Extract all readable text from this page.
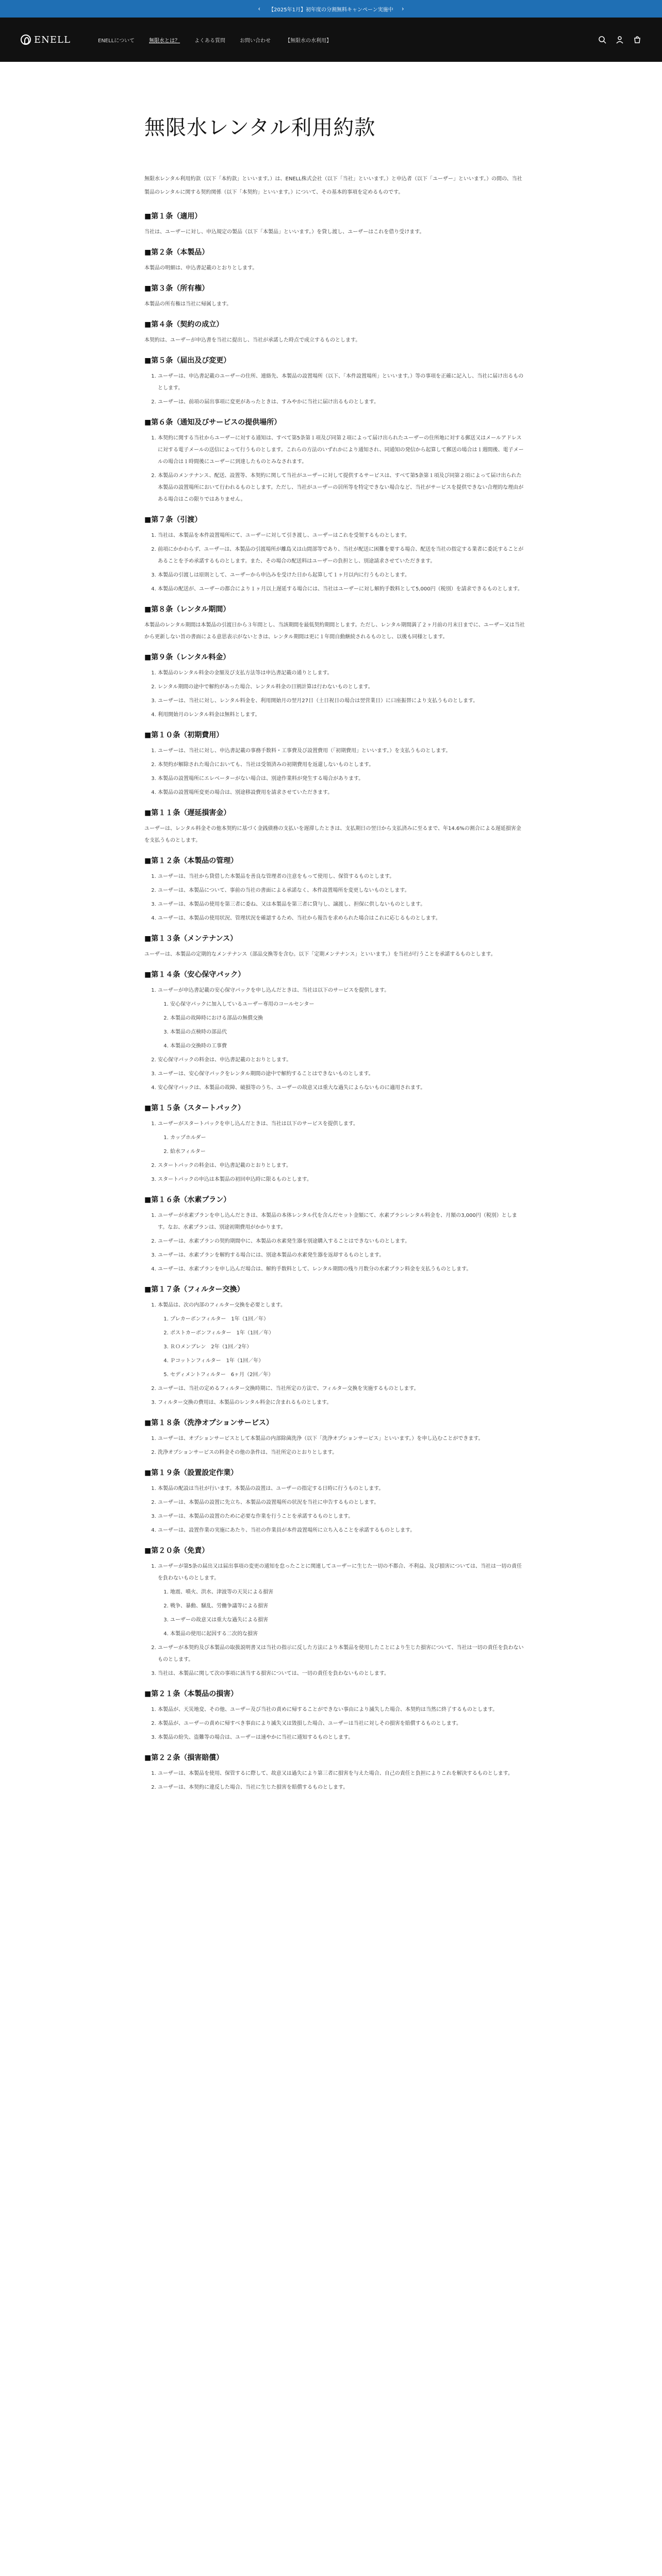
‹	【2025年1月】初年度の分割無料キャンペーン実施中	›
ENELL	ENELLについて	無限水とは？	よくある質問	お問い合わせ	【無限水の水利用】
無限水レンタル利用約款

無限水レンタル利用約款（以下「本約款」といいます。）は、ENELL株式会社（以下「当社」といいます。）と申込者（以下「ユーザー」といいます。）の間の、当社製品のレンタルに関する契約関係（以下「本契約」といいます。）について、その基本的事項を定めるものです。

■第１条（適用）

当社は、ユーザーに対し、申込規定の製品（以下「本製品」といいます。）を貸し渡し、ユーザーはこれを借り受けます。

■第２条（本製品）

本製品の明細は、申込書記載のとおりとします。

■第３条（所有権）

本製品の所有権は当社に帰属します。

■第４条（契約の成立）

本契約は、ユーザーが申込書を当社に提出し、当社が承諾した時点で成立するものとします。

■第５条（届出及び変更）
1. ユーザーは、申込書記載のユーザーの住所、連絡先、本製品の設置場所（以下、「本件設置場所」といいます。）等の事項を正確に記入し、当社に届け出るものとします。
2. ユーザーは、前項の届出事項に変更があったときは、すみやかに当社に届け出るものとします。
■第６条（通知及びサービスの提供場所）
1. 本契約に関する当社からユーザーに対する通知は、すべて第5条第１項及び同第２項によって届け出られたユーザーの住所地に対する郵送又はメールアドレスに対する電子メールの送信によって行うものとします。これらの方法のいずれかにより通知され、同通知の発信から起算して郵送の場合は１週間後、電子メールの場合は１時間後にユーザーに到達したものとみなされます。
2. 本製品のメンテナンス、配送、設置等、本契約に関して当社がユーザーに対して提供するサービスは、すべて第5条第１項及び同第２項によって届け出られた本製品の設置場所において行われるものとします。ただし、当社がユーザーの居所等を特定できない場合など、当社がサービスを提供できない合理的な理由がある場合はこの限りではありません。
■第７条（引渡）
1. 当社は、本製品を本件設置場所にて、ユーザーに対して引き渡し、ユーザーはこれを受領するものとします。
2. 前項にかかわらず、ユーザーは、本製品の引渡場所が離島又は山間部等であり、当社が配送に困難を要する場合、配送を当社の指定する業者に委託することがあることを予め承諾するものとします。また、その場合の配送料はユーザーの負担とし、別途請求させていただきます。
3. 本製品の引渡しは原則として、ユーザーから申込みを受けた日から起算して１ヶ月以内に行うものとします。
4. 本製品の配送が、ユーザーの都合により１ヶ月以上遅延する場合には、当社はユーザーに対し解約手数料として5,000円（税別）を請求できるものとします。
■第８条（レンタル期間）

本製品のレンタル期間は本製品の引渡日から３年間とし、当該期間を最低契約期間とします。ただし、レンタル期間満了２ヶ月前の月末日までに、ユーザー又は当社から更新しない旨の書面による意思表示がないときは、レンタル期間は更に１年間自動継続されるものとし、以後も同様とします。

■第９条（レンタル料金）
1. 本製品のレンタル料金の金額及び支払方法等は申込書記載の通りとします。
2. レンタル期間の途中で解約があった場合、レンタル料金の日割計算は行わないものとします。
3. ユーザーは、当社に対し、レンタル料金を、利用開始月の翌月27日（土日祝日の場合は翌営業日）に口座振替により支払うものとします。
4. 利用開始月のレンタル料金は無料とします。
■第１０条（初期費用）
1. ユーザーは、当社に対し、申込書記載の事務手数料・工事費及び設置費用（「初期費用」といいます。）を支払うものとします。
2. 本契約が解除された場合においても、当社は受領済みの初期費用を返還しないものとします。
3. 本製品の設置場所にエレベーターがない場合は、別途作業料が発生する場合があります。
4. 本製品の設置場所変更の場合は、別途移設費用を請求させていただきます。
■第１１条（遅延損害金）

ユーザーは、レンタル料金その他本契約に基づく金銭債務の支払いを遅滞したときは、支払期日の翌日から支払済みに至るまで、年14.6%の割合による遅延損害金を支払うものとします。

■第１２条（本製品の管理）
1. ユーザーは、当社から貸借した本製品を善良な管理者の注意をもって使用し、保管するものとします。
2. ユーザーは、本製品について、事前の当社の書面による承諾なく、本件設置場所を変更しないものとします。
3. ユーザーは、本製品の使用を第三者に委ね、又は本製品を第三者に貸与し、譲渡し、担保に供しないものとします。
4. ユーザーは、本製品の使用状況、管理状況を確認するため、当社から報告を求められた場合はこれに応じるものとします。
■第１３条（メンテナンス）

ユーザーは、本製品の定期的なメンテナンス（部品交換等を含む。以下「定期メンテナンス」といいます。）を当社が行うことを承諾するものとします。

■第１４条（安心保守パック）
1. ユーザーが申込書記載の安心保守パックを申し込んだときは、当社は以下のサービスを提供します。
1. 安心保守パックに加入しているユーザー専用のコールセンター
2. 本製品の故障時における部品の無償交換
3. 本製品の点検時の部品代
4. 本製品の交換時の工事費
2. 安心保守パックの料金は、申込書記載のとおりとします。
3. ユーザーは、安心保守パックをレンタル期間の途中で解約することはできないものとします。
4. 安心保守パックは、本製品の故障、破損等のうち、ユーザーの故意又は重大な過失によらないものに適用されます。
■第１５条（スタートパック）
1. ユーザーがスタートパックを申し込んだときは、当社は以下のサービスを提供します。
1. カップホルダー
2. 給水フィルター
2. スタートパックの料金は、申込書記載のとおりとします。
3. スタートパックの申込は本製品の初回申込時に限るものとします。
■第１６条（水素プラン）
1. ユーザーが水素プランを申し込んだときは、本製品の本体レンタル代を含んだセット金額にて、水素ブラシレンタル料金を、月額の3,000円（税別）とします。なお、水素プランは、別途初期費用がかかります。
2. ユーザーは、水素プランの契約期間中に、本製品の水素発生器を別途購入することはできないものとします。
3. ユーザーは、水素プランを解約する場合には、別途本製品の水素発生器を返却するものとします。
4. ユーザーは、水素プランを申し込んだ場合は、解約手数料として、レンタル期間の残り月数分の水素プラン料金を支払うものとします。
■第１７条（フィルター交換）
1. 本製品は、次の内部のフィルター交換を必要とします。
1. プレカーボンフィルター　1年（1回／年）
2. ポストカーボンフィルター　1年（1回／年）
3. ＲＯメンブレン　2年（1回／2年）
4. Ｐコットンフィルター　1年（1回／年）
5. セディメントフィルター　6ヶ月（2回／年）
2. ユーザーは、当社の定めるフィルター交換時期に、当社所定の方法で、フィルター交換を実施するものとします。
3. フィルター交換の費用は、本製品のレンタル料金に含まれるものとします。
■第１８条（洗浄オプションサービス）
1. ユーザーは、オプションサービスとして本製品の内部除菌洗浄（以下「洗浄オプションサービス」といいます。）を申し込むことができます。
2. 洗浄オプションサービスの料金その他の条件は、当社所定のとおりとします。
■第１９条（設置設定作業）
1. 本製品の配設は当社が行います。本製品の設置は、ユーザーの指定する日時に行うものとします。
2. ユーザーは、本製品の設置に先立ち、本製品の設置場所の状況を当社に申告するものとします。
3. ユーザーは、本製品の設置のために必要な作業を行うことを承諾するものとします。
4. ユーザーは、設置作業の実施にあたり、当社の作業員が本件設置場所に立ち入ることを承諾するものとします。
■第２０条（免責）
1. ユーザーが第5条の届出又は届出事項の変更の通知を怠ったことに関連してユーザーに生じた一切の不都合、不利益、及び損害については、当社は一切の責任を負わないものとします。
1. 地震、噴火、洪水、津波等の天災による損害
2. 戦争、暴動、騒乱、労働争議等による損害
3. ユーザーの故意又は重大な過失による損害
4. 本製品の使用に起因する二次的な損害
2. ユーザーが本契約及び本製品の取扱説明書又は当社の指示に反した方法により本製品を使用したことにより生じた損害について、当社は一切の責任を負わないものとします。
3. 当社は、本製品に関して次の事項に該当する損害については、一切の責任を負わないものとします。
■第２１条（本製品の損害）
1. 本製品が、天災地変、その他、ユーザー及び当社の責めに帰することができない事由により滅失した場合、本契約は当然に終了するものとします。
2. 本製品が、ユーザーの責めに帰すべき事由により滅失又は毀損した場合、ユーザーは当社に対しその損害を賠償するものとします。
3. 本製品の紛失、盗難等の場合は、ユーザーは速やかに当社に通知するものとします。
■第２２条（損害賠償）
1. ユーザーは、本製品を使用、保管するに際して、故意又は過失により第三者に損害を与えた場合、自己の責任と負担によりこれを解決するものとします。
2. ユーザーは、本契約に違反した場合、当社に生じた損害を賠償するものとします。
